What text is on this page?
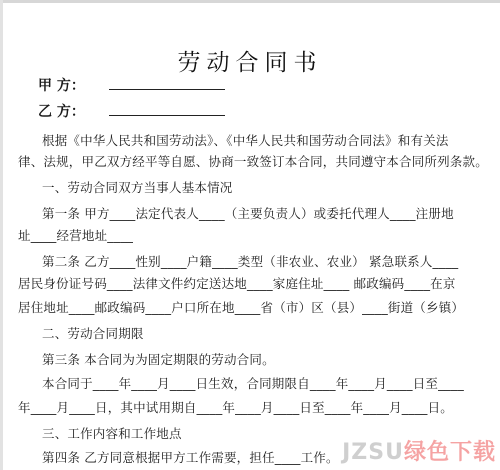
劳动合同书
甲 方：
乙 方：
根据《中华人民共和国劳动法》、《中华人民共和国劳动合同法》和有关法
律、法规，甲乙双方经平等自愿、协商一致签订本合同，共同遵守本合同所列条款。
一、劳动合同双方当事人基本情况
第一条 甲方____法定代表人____（主要负责人）或委托代理人____注册地
址____经营地址____
第二条 乙方____性别____户籍____类型（非农业、农业） 紧急联系人____
居民身份证号码____法律文件约定送达地____家庭住址____ 邮政编码____在京
居住地址____邮政编码____户口所在地____省（市）区（县）____街道（乡镇）
二、劳动合同期限
第三条 本合同为为固定期限的劳动合同。
本合同于____年____月____日生效，合同期限自____年____月____日至____
年____月____日，其中试用期自____年____月____日至____年____月____日。
三、工作内容和工作地点
第四条 乙方同意根据甲方工作需要，担任____工作。 JZSU绿色下载
